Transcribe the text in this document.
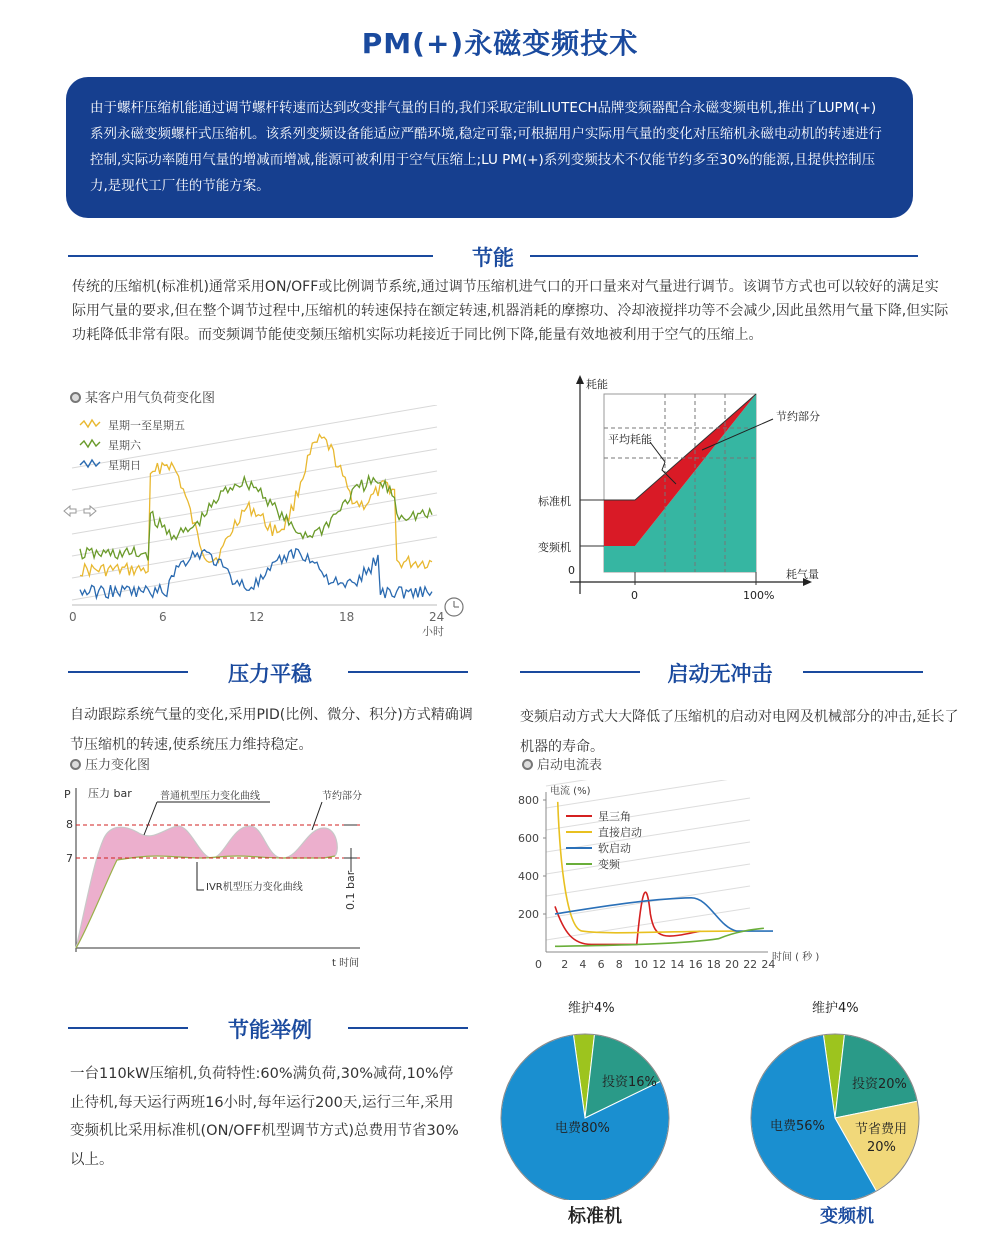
PM(+)永磁变频技术
由于螺杆压缩机能通过调节螺杆转速而达到改变排气量的目的,我们采取定制LIUTECH品牌变频器配合永磁变频电机,推出了LUPM(+)系列永磁变频螺杆式压缩机。该系列变频设备能适应严酷环境,稳定可靠;可根据用户实际用气量的变化对压缩机永磁电动机的转速进行控制,实际功率随用气量的增减而增减,能源可被利用于空气压缩上;LU PM(+)系列变频技术不仅能节约多至30%的能源,且提供控制压力,是现代工厂佳的节能方案。
节能
传统的压缩机(标准机)通常采用ON/OFF或比例调节系统,通过调节压缩机进气口的开口量来对气量进行调节。该调节方式也可以较好的满足实际用气量的要求,但在整个调节过程中,压缩机的转速保持在额定转速,机器消耗的摩擦功、冷却液搅拌功等不会减少,因此虽然用气量下降,但实际功耗降低非常有限。而变频调节能使变频压缩机实际功耗接近于同比例下降,能量有效地被利用于空气的压缩上。
某客户用气负荷变化图
星期一至星期五
星期六
星期日
0	6	12	18	24
小时
耗能
耗气量
节约部分
平均耗能
标准机
变频机
0
0	100%
压力平稳
自动跟踪系统气量的变化,采用PID(比例、微分、积分)方式精确调节压缩机的转速,使系统压力维持稳定。
压力变化图
0.1 bar
P 压力 bar
8
7
普通机型压力变化曲线	节约部分
IVR机型压力变化曲线
t 时间
启动无冲击
变频启动方式大大降低了压缩机的启动对电网及机械部分的冲击,延长了机器的寿命。
启动电流表
星三角
直接启动
软启动
变频
800
600
400
200
0 2 4 6 8 10 12 14 16 18 20 22 24
电流 (%)
时间 ( 秒 )
节能举例
一台110kW压缩机,负荷特性:60%满负荷,30%减荷,10%停止待机,每天运行两班16小时,每年运行200天,运行三年,采用变频机比采用标准机(ON/OFF机型调节方式)总费用节省30%以上。
维护4%
投资16%
电费80%
维护4%
投资20%
节省费用
20%
电费56%
标准机	变频机
